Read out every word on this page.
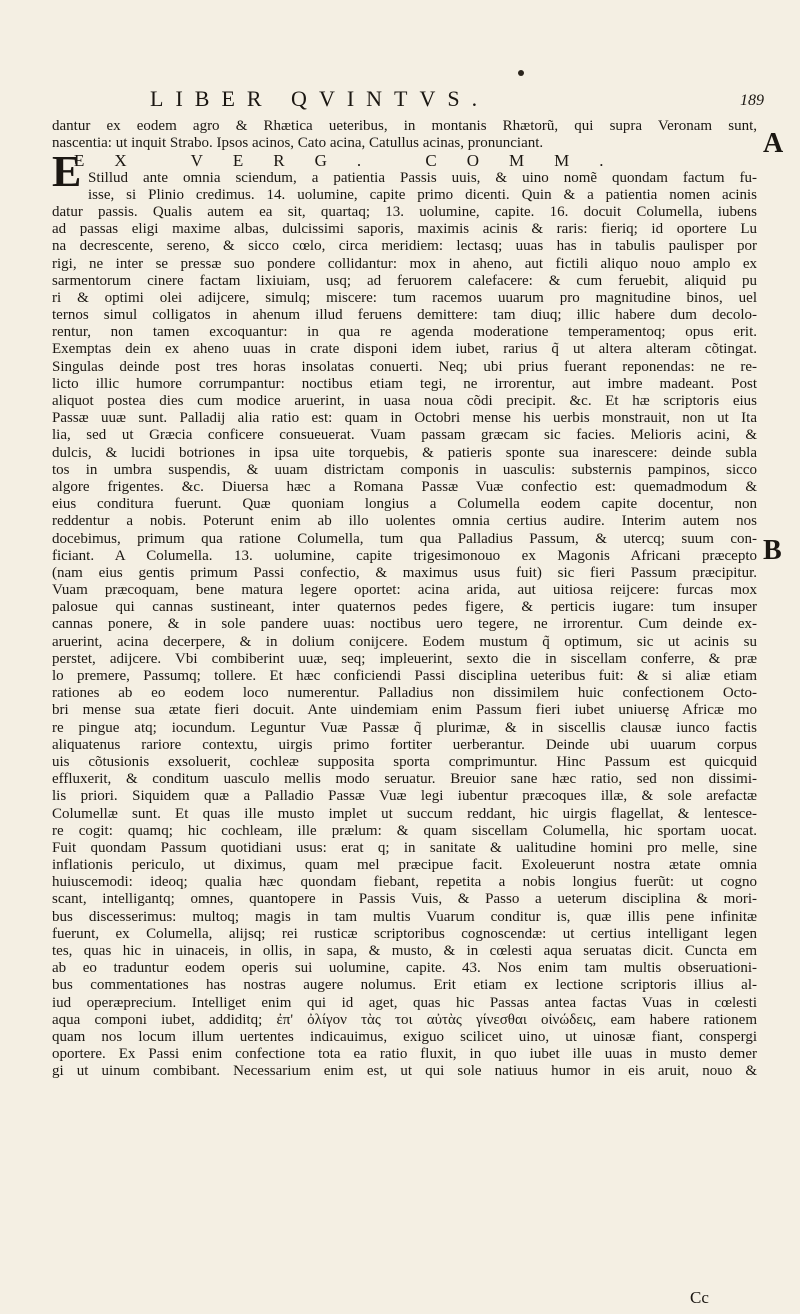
LIBER QVINTVS.	189
A
B
E
dantur ex eodem agro & Rhætica ueteribus, in montanis Rhætorũ, qui supra Veronam sunt,
nascentia: ut inquit Strabo. Ipsos acinos, Cato acina, Catullus acinas, pronunciant.
EX VERG. COMM.
Stillud ante omnia sciendum, a patientia Passis uuis, & uino nomẽ quondam factum fu-
isse, si Plinio credimus. 14. uolumine, capite primo dicenti. Quin & a patientia nomen acinis
datur passis. Qualis autem ea sit, quartaq; 13. uolumine, capite. 16. docuit Columella, iubens
ad passas eligi maxime albas, dulcissimi saporis, maximis acinis & raris: fieriq; id oportere Lu
na decrescente, sereno, & sicco cœlo, circa meridiem: lectasq; uuas has in tabulis paulisper por
rigi, ne inter se pressæ suo pondere collidantur: mox in aheno, aut fictili aliquo nouo amplo ex
sarmentorum cinere factam lixiuiam, usq; ad feruorem calefacere: & cum feruebit, aliquid pu
ri & optimi olei adijcere, simulq; miscere: tum racemos uuarum pro magnitudine binos, uel
ternos simul colligatos in ahenum illud feruens demittere: tam diuq; illic habere dum decolo-
rentur, non tamen excoquantur: in qua re agenda moderatione temperamentoq; opus erit.
Exemptas dein ex aheno uuas in crate disponi idem iubet, rarius q̃ ut altera alteram cõtingat.
Singulas deinde post tres horas insolatas conuerti. Neq; ubi prius fuerant reponendas: ne re-
licto illic humore corrumpantur: noctibus etiam tegi, ne irrorentur, aut imbre madeant. Post
aliquot postea dies cum modice aruerint, in uasa noua cõdi precipit. &c. Et hæ scriptoris eius
Passæ uuæ sunt. Palladij alia ratio est: quam in Octobri mense his uerbis monstrauit, non ut Ita
lia, sed ut Græcia conficere consueuerat. Vuam passam græcam sic facies. Melioris acini, &
dulcis, & lucidi botriones in ipsa uite torquebis, & patieris sponte sua inarescere: deinde subla
tos in umbra suspendis, & uuam districtam componis in uasculis: substernis pampinos, sicco
algore frigentes. &c. Diuersa hæc a Romana Passæ Vuæ confectio est: quemadmodum &
eius conditura fuerunt. Quæ quoniam longius a Columella eodem capite docentur, non
reddentur a nobis. Poterunt enim ab illo uolentes omnia certius audire. Interim autem nos
docebimus, primum qua ratione Columella, tum qua Palladius Passum, & utercq; suum con-
ficiant. A Columella. 13. uolumine, capite trigesimonouo ex Magonis Africani præcepto
(nam eius gentis primum Passi confectio, & maximus usus fuit) sic fieri Passum præcipitur.
Vuam præcoquam, bene matura legere oportet: acina arida, aut uitiosa reijcere: furcas mox
palosue qui cannas sustineant, inter quaternos pedes figere, & perticis iugare: tum insuper
cannas ponere, & in sole pandere uuas: noctibus uero tegere, ne irrorentur. Cum deinde ex-
aruerint, acina decerpere, & in dolium conijcere. Eodem mustum q̃ optimum, sic ut acinis su
perstet, adijcere. Vbi combiberint uuæ, seq; impleuerint, sexto die in siscellam conferre, & præ
lo premere, Passumq; tollere. Et hæc conficiendi Passi disciplina ueteribus fuit: & si aliæ etiam
rationes ab eo eodem loco numerentur. Palladius non dissimilem huic confectionem Octo-
bri mense sua ætate fieri docuit. Ante uindemiam enim Passum fieri iubet uniuersę Africæ mo
re pingue atq; iocundum. Leguntur Vuæ Passæ q̃ plurimæ, & in siscellis clausæ iunco factis
aliquatenus rariore contextu, uirgis primo fortiter uerberantur. Deinde ubi uuarum corpus
uis cõtusionis exsoluerit, cochleæ supposita sporta comprimuntur. Hinc Passum est quicquid
effluxerit, & conditum uasculo mellis modo seruatur. Breuior sane hæc ratio, sed non dissimi-
lis priori. Siquidem quæ a Palladio Passæ Vuæ legi iubentur præcoques illæ, & sole arefactæ
Columellæ sunt. Et quas ille musto implet ut succum reddant, hic uirgis flagellat, & lentesce-
re cogit: quamq; hic cochleam, ille prælum: & quam siscellam Columella, hic sportam uocat.
Fuit quondam Passum quotidiani usus: erat q; in sanitate & ualitudine homini pro melle, sine
inflationis periculo, ut diximus, quam mel præcipue facit. Exoleuerunt nostra ætate omnia
huiuscemodi: ideoq; qualia hæc quondam fiebant, repetita a nobis longius fuerũt: ut cogno
scant, intelligantq; omnes, quantopere in Passis Vuis, & Passo a ueterum disciplina & mori-
bus discesserimus: multoq; magis in tam multis Vuarum conditur is, quæ illis pene infinitæ
fuerunt, ex Columella, alijsq; rei rusticæ scriptoribus cognoscendæ: ut certius intelligant legen
tes, quas hic in uinaceis, in ollis, in sapa, & musto, & in cœlesti aqua seruatas dicit. Cuncta em
ab eo traduntur eodem operis sui uolumine, capite. 43. Nos enim tam multis obseruationi-
bus commentationes has nostras augere nolumus. Erit etiam ex lectione scriptoris illius al-
iud operæprecium. Intelliget enim qui id aget, quas hic Passas antea factas Vuas in cœlesti
aqua componi iubet, addiditq; ἐπ' ὀλίγον τὰς τοι αὐτὰς γίνεσθαι οἰνώδεις, eam habere rationem
quam nos locum illum uertentes indicauimus, exiguo scilicet uino, ut uinosæ fiant, conspergi
oportere. Ex Passi enim confectione tota ea ratio fluxit, in quo iubet ille uuas in musto demer
gi ut uinum combibant. Necessarium enim est, ut qui sole natiuus humor in eis aruit, nouo &
Cc
